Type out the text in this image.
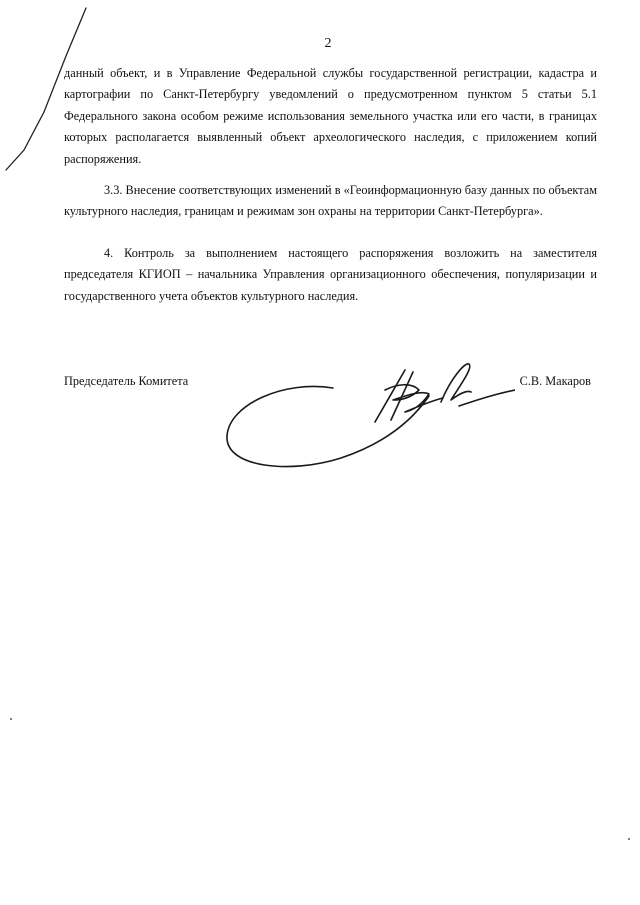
2

данный объект, и в Управление Федеральной службы государственной регистрации, кадастра и картографии по Санкт-Петербургу уведомлений о предусмотренном пунктом 5 статьи 5.1 Федерального закона особом режиме использования земельного участка или его части, в границах которых располагается выявленный объект археологического наследия, с приложением копий распоряжения.

3.3. Внесение соответствующих изменений в «Геоинформационную базу данных по объектам культурного наследия, границам и режимам зон охраны на территории Санкт-Петербурга».

4. Контроль за выполнением настоящего распоряжения возложить на заместителя председателя КГИОП – начальника Управления организационного обеспечения, популяризации и государственного учета объектов культурного наследия.

Председатель Комитета	С.В. Макаров
